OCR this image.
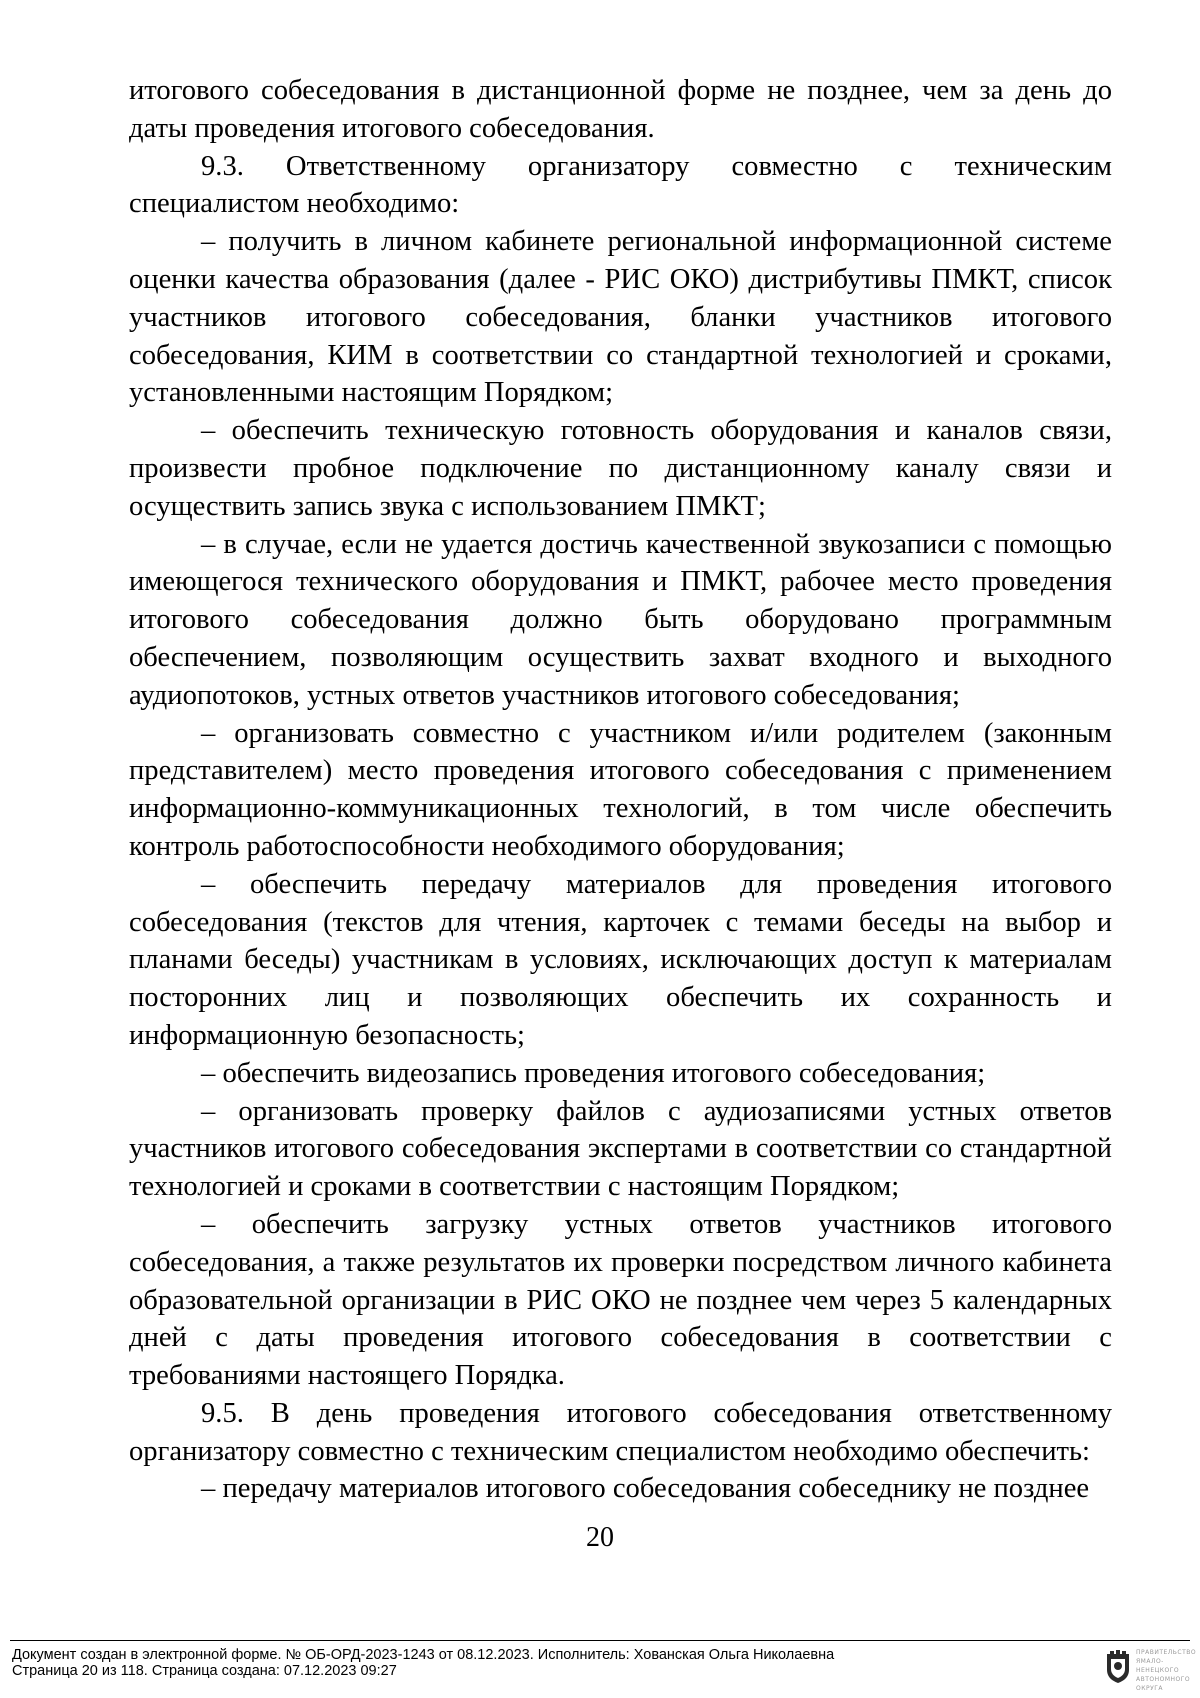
итогового собеседования в дистанционной форме не позднее, чем за день до даты проведения итогового собеседования.

9.3. Ответственному организатору совместно с техническим специалистом необходимо:

– получить в личном кабинете региональной информационной системе оценки качества образования (далее - РИС ОКО) дистрибутивы ПМКТ, список участников итогового собеседования, бланки участников итогового собеседования, КИМ в соответствии со стандартной технологией и сроками, установленными настоящим Порядком;

– обеспечить техническую готовность оборудования и каналов связи, произвести пробное подключение по дистанционному каналу связи и осуществить запись звука с использованием ПМКТ;

– в случае, если не удается достичь качественной звукозаписи с помощью имеющегося технического оборудования и ПМКТ, рабочее место проведения итогового собеседования должно быть оборудовано программным обеспечением, позволяющим осуществить захват входного и выходного аудиопотоков, устных ответов участников итогового собеседования;

– организовать совместно с участником и/или родителем (законным представителем) место проведения итогового собеседования с применением информационно-коммуникационных технологий, в том числе обеспечить контроль работоспособности необходимого оборудования;

– обеспечить передачу материалов для проведения итогового собеседования (текстов для чтения, карточек с темами беседы на выбор и планами беседы) участникам в условиях, исключающих доступ к материалам посторонних лиц и позволяющих обеспечить их сохранность и информационную безопасность;

– обеспечить видеозапись проведения итогового собеседования;

– организовать проверку файлов с аудиозаписями устных ответов участников итогового собеседования экспертами в соответствии со стандартной технологией и сроками в соответствии с настоящим Порядком;

– обеспечить загрузку устных ответов участников итогового собеседования, а также результатов их проверки посредством личного кабинета образовательной организации в РИС ОКО не позднее чем через 5 календарных дней с даты проведения итогового собеседования в соответствии с требованиями настоящего Порядка.

9.5. В день проведения итогового собеседования ответственному организатору совместно с техническим специалистом необходимо обеспечить:

– передачу материалов итогового собеседования собеседнику не позднее

20
Документ создан в электронной форме. № ОБ-ОРД-2023-1243 от 08.12.2023. Исполнитель: Хованская Ольга Николаевна
Страница 20 из 118. Страница создана: 07.12.2023 09:27
ПРАВИТЕЛЬСТВО ЯМАЛО-НЕНЕЦКОГО АВТОНОМНОГО ОКРУГА
